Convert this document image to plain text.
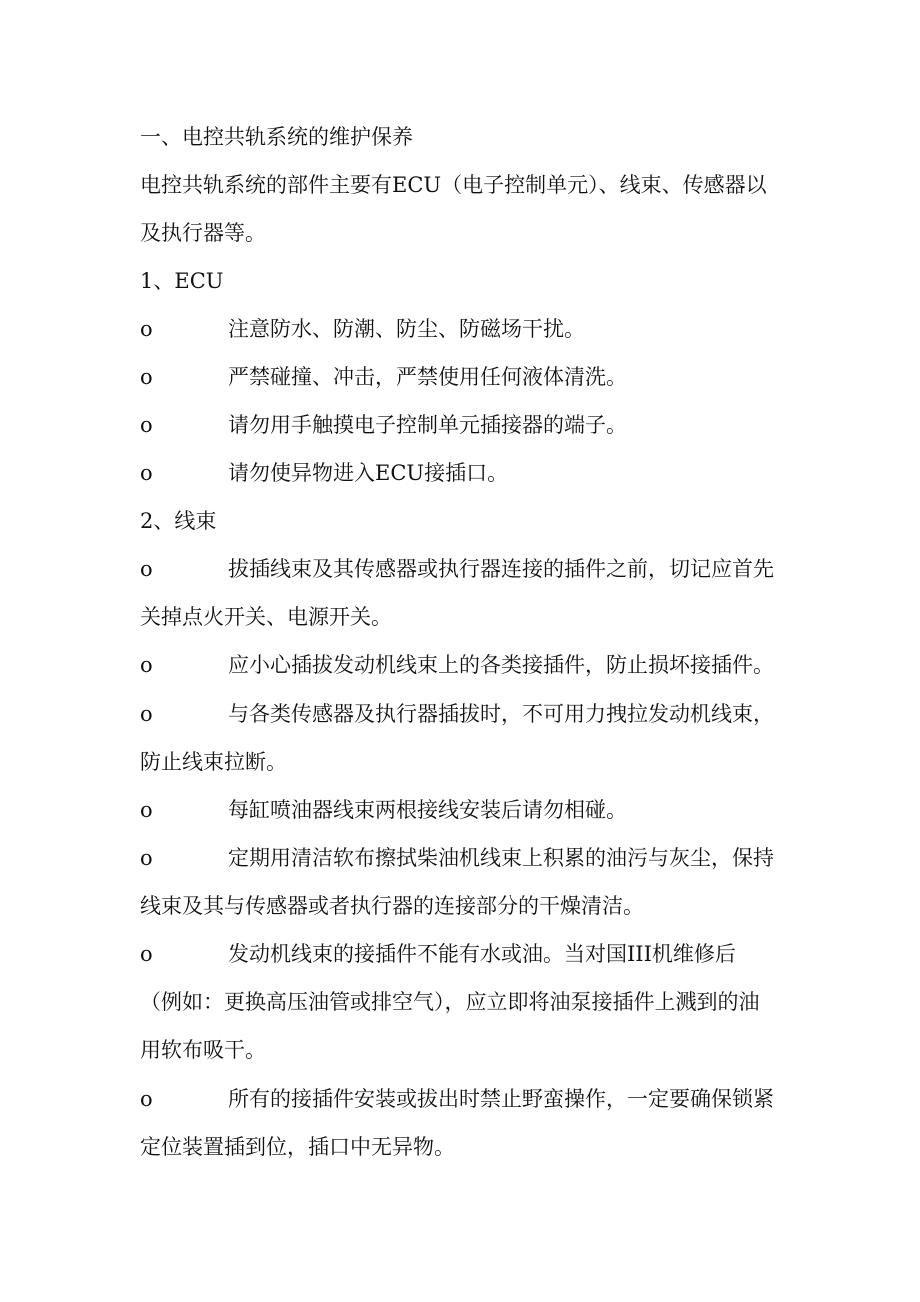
一、电控共轨系统的维护保养
电控共轨系统的部件主要有ECU（电子控制单元）、线束、传感器以
及执行器等。
1、ECU
o	注意防水、防潮、防尘、防磁场干扰。
o	严禁碰撞、冲击，严禁使用任何液体清洗。
o	请勿用手触摸电子控制单元插接器的端子。
o	请勿使异物进入ECU接插口。
2、线束
o	拔插线束及其传感器或执行器连接的插件之前，切记应首先
关掉点火开关、电源开关。
o	应小心插拔发动机线束上的各类接插件，防止损坏接插件。
o	与各类传感器及执行器插拔时，不可用力拽拉发动机线束，
防止线束拉断。
o	每缸喷油器线束两根接线安装后请勿相碰。
o	定期用清洁软布擦拭柴油机线束上积累的油污与灰尘，保持
线束及其与传感器或者执行器的连接部分的干燥清洁。
o	发动机线束的接插件不能有水或油。当对国III机维修后
（例如：更换高压油管或排空气），应立即将油泵接插件上溅到的油
用软布吸干。
o	所有的接插件安装或拔出时禁止野蛮操作，一定要确保锁紧
定位装置插到位，插口中无异物。
